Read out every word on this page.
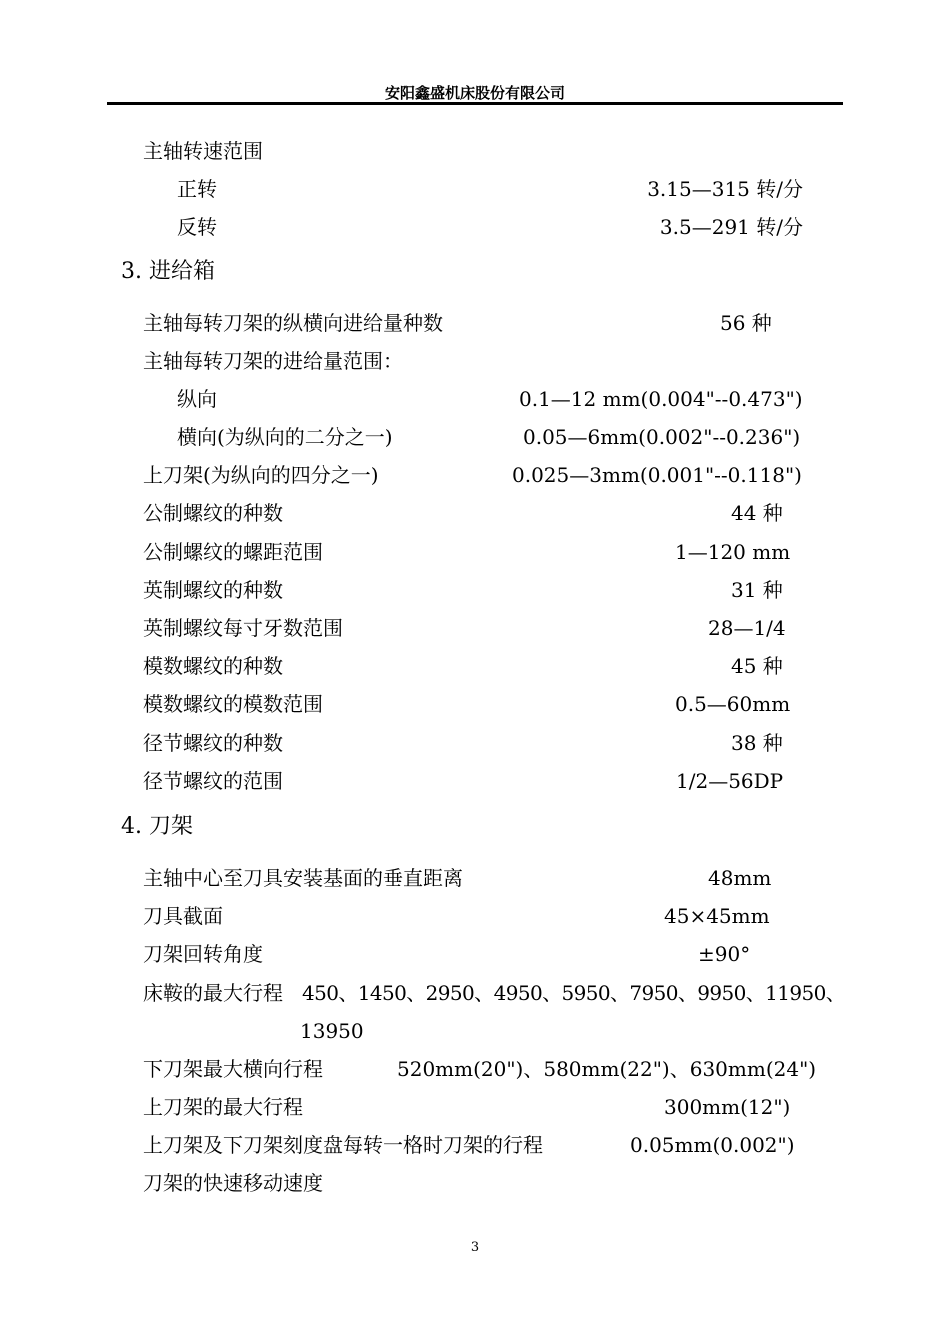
安阳鑫盛机床股份有限公司
主轴转速范围
正转	3.15—315 转/分
反转	3.5—291 转/分
3. 进给箱
主轴每转刀架的纵横向进给量种数	56 种
主轴每转刀架的进给量范围：
纵向	0.1—12 mm(0.004"--0.473")
横向(为纵向的二分之一)	0.05—6mm(0.002"--0.236")
上刀架(为纵向的四分之一)	0.025—3mm(0.001"--0.118")
公制螺纹的种数	44 种
公制螺纹的螺距范围	1—120 mm
英制螺纹的种数	31 种
英制螺纹每寸牙数范围	28—1/4
模数螺纹的种数	45 种
模数螺纹的模数范围	0.5—60mm
径节螺纹的种数	38 种
径节螺纹的范围	1/2—56DP
4. 刀架
主轴中心至刀具安装基面的垂直距离	48mm
刀具截面	45×45mm
刀架回转角度	±90°
床鞍的最大行程 450、1450、2950、4950、5950、7950、9950、11950、
13950
下刀架最大横向行程	520mm(20")、580mm(22")、630mm(24")
上刀架的最大行程	300mm(12")
上刀架及下刀架刻度盘每转一格时刀架的行程	0.05mm(0.002")
刀架的快速移动速度
3
